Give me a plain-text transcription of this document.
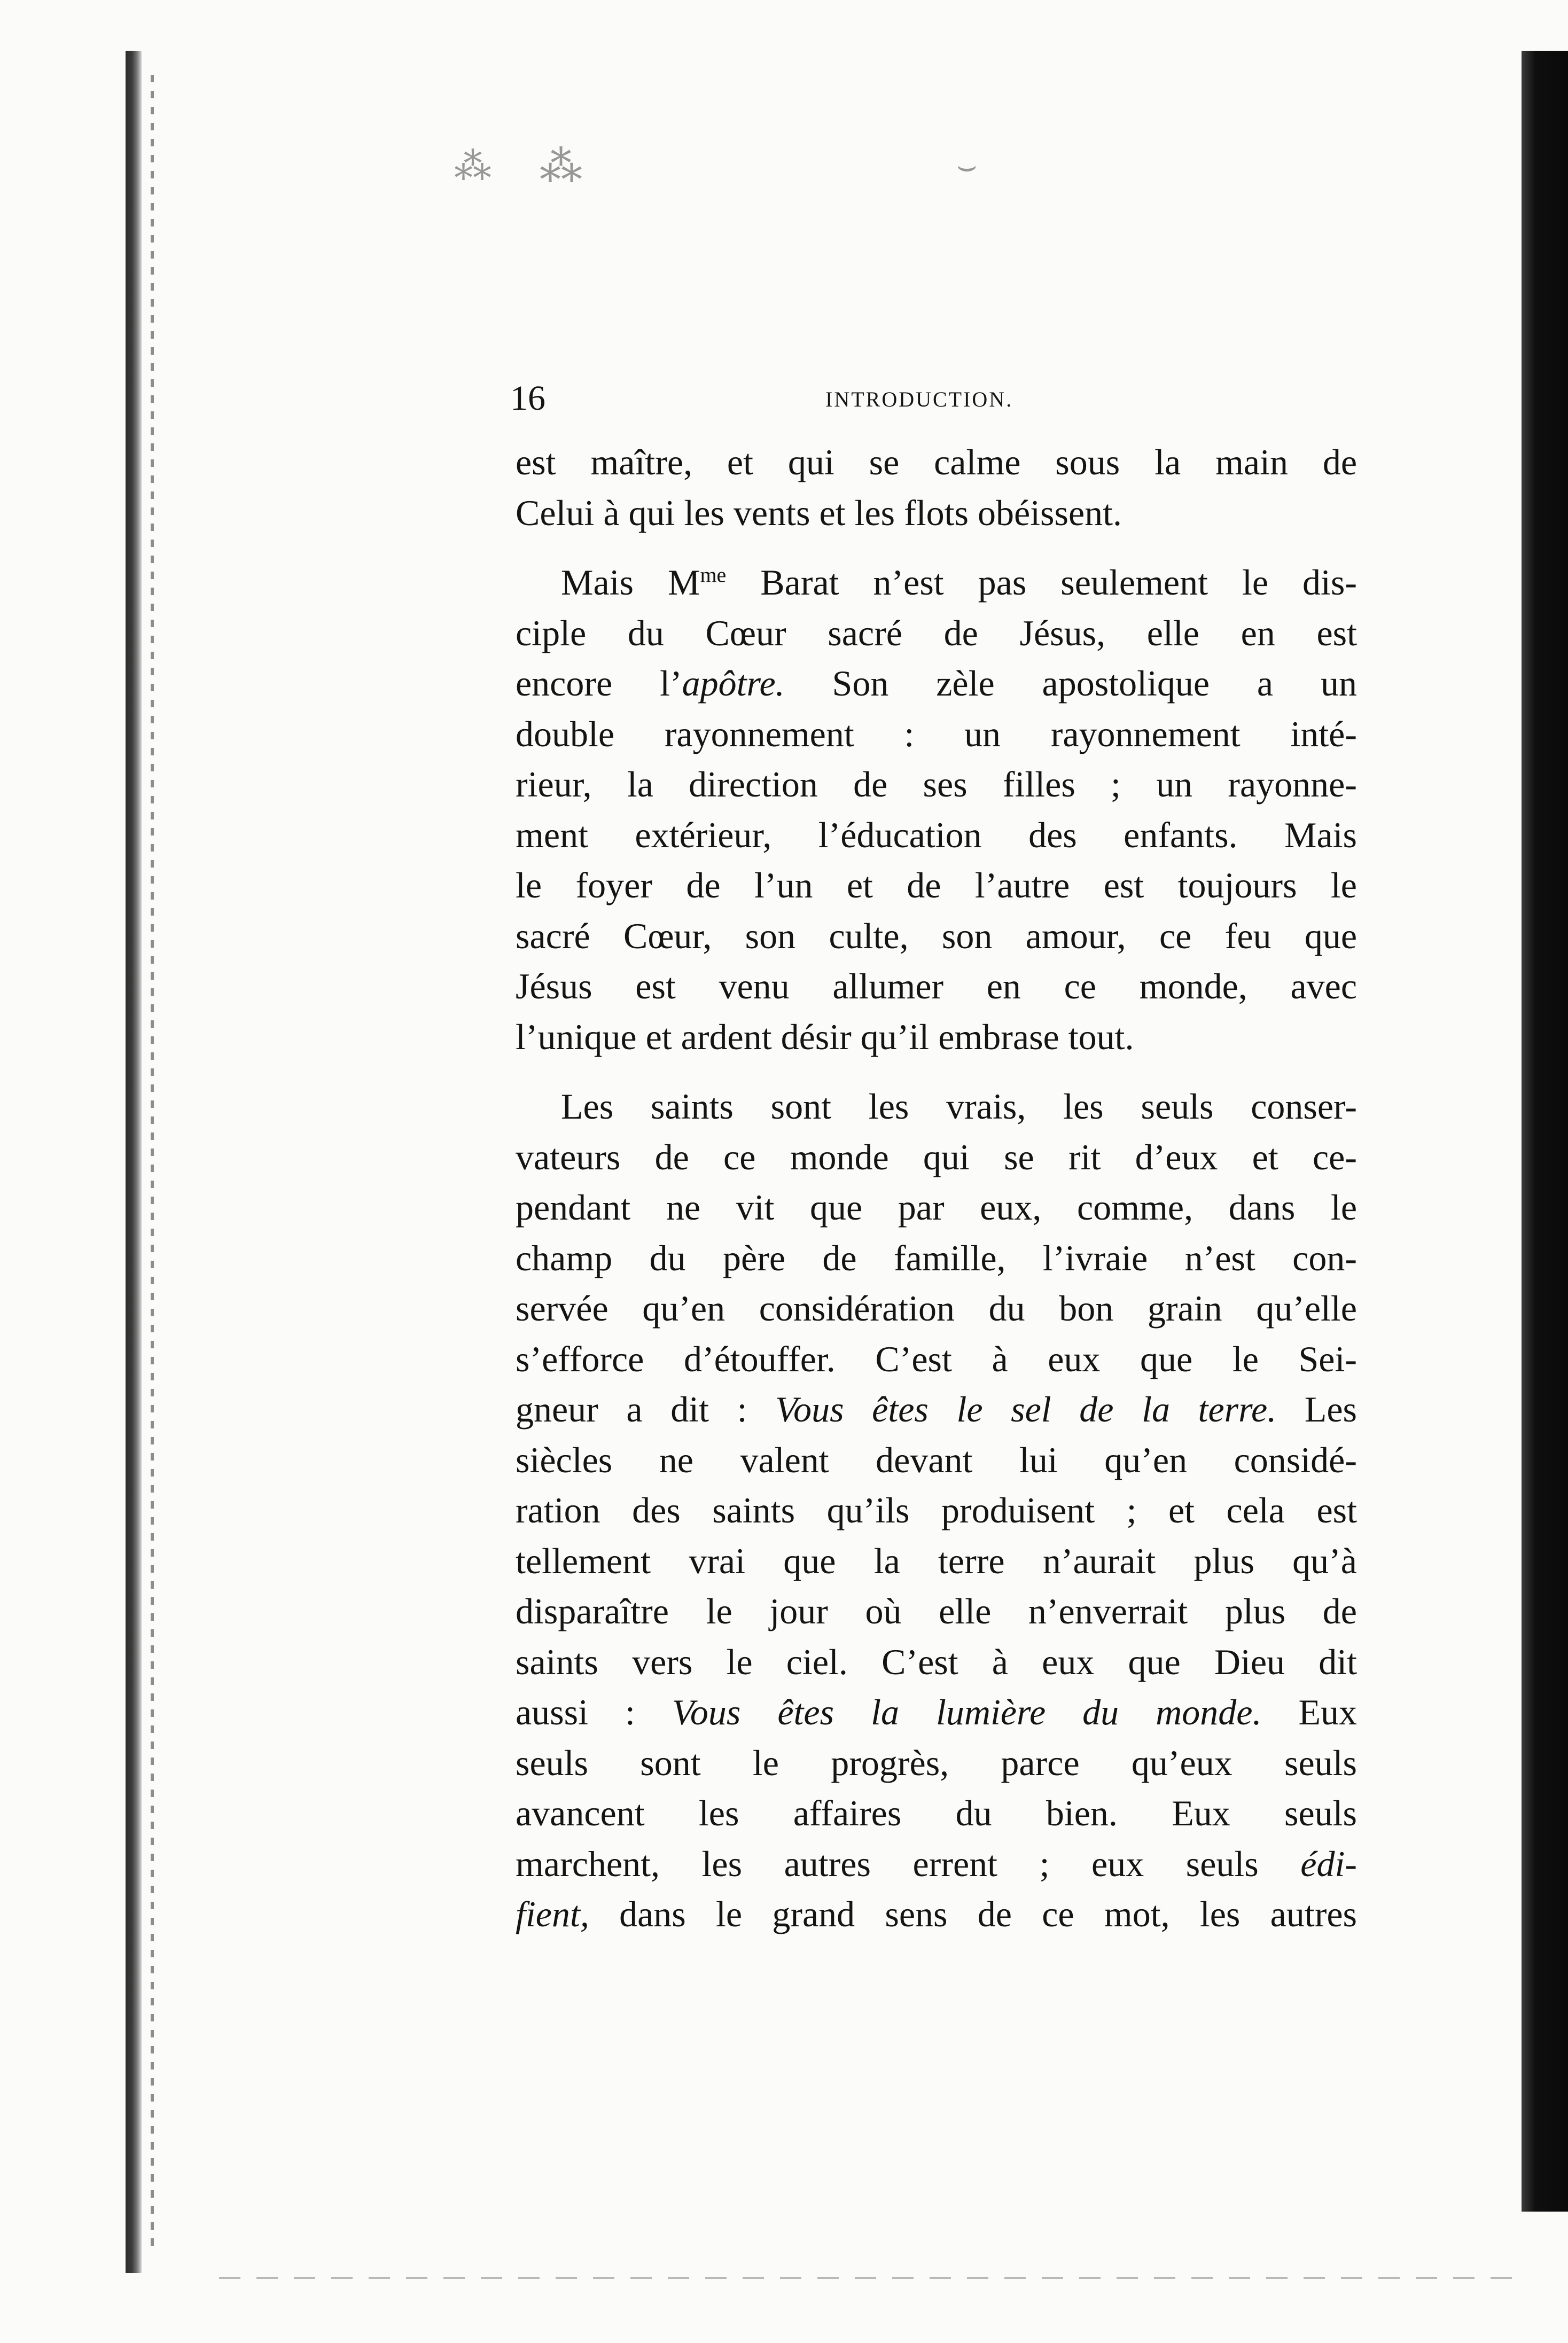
⁂ ⁂	⌣
16	INTRODUCTION.
est maître, et qui se calme sous la main de
Celui à qui les vents et les flots obéissent.
Mais $M^{me}$ Barat n’est pas seulement le dis-
ciple du Cœur sacré de Jésus, elle en est
encore l’apôtre. Son zèle apostolique a un
double rayonnement : un rayonnement inté-
rieur, la direction de ses filles ; un rayonne-
ment extérieur, l’éducation des enfants. Mais
le foyer de l’un et de l’autre est toujours le
sacré Cœur, son culte, son amour, ce feu que
Jésus est venu allumer en ce monde, avec
l’unique et ardent désir qu’il embrase tout.
Les saints sont les vrais, les seuls conser-
vateurs de ce monde qui se rit d’eux et ce-
pendant ne vit que par eux, comme, dans le
champ du père de famille, l’ivraie n’est con-
servée qu’en considération du bon grain qu’elle
s’efforce d’étouffer. C’est à eux que le Sei-
gneur a dit : Vous êtes le sel de la terre. Les
siècles ne valent devant lui qu’en considé-
ration des saints qu’ils produisent ; et cela est
tellement vrai que la terre n’aurait plus qu’à
disparaître le jour où elle n’enverrait plus de
saints vers le ciel. C’est à eux que Dieu dit
aussi : Vous êtes la lumière du monde. Eux
seuls sont le progrès, parce qu’eux seuls
avancent les affaires du bien. Eux seuls
marchent, les autres errent ; eux seuls édi-
fient, dans le grand sens de ce mot, les autres
